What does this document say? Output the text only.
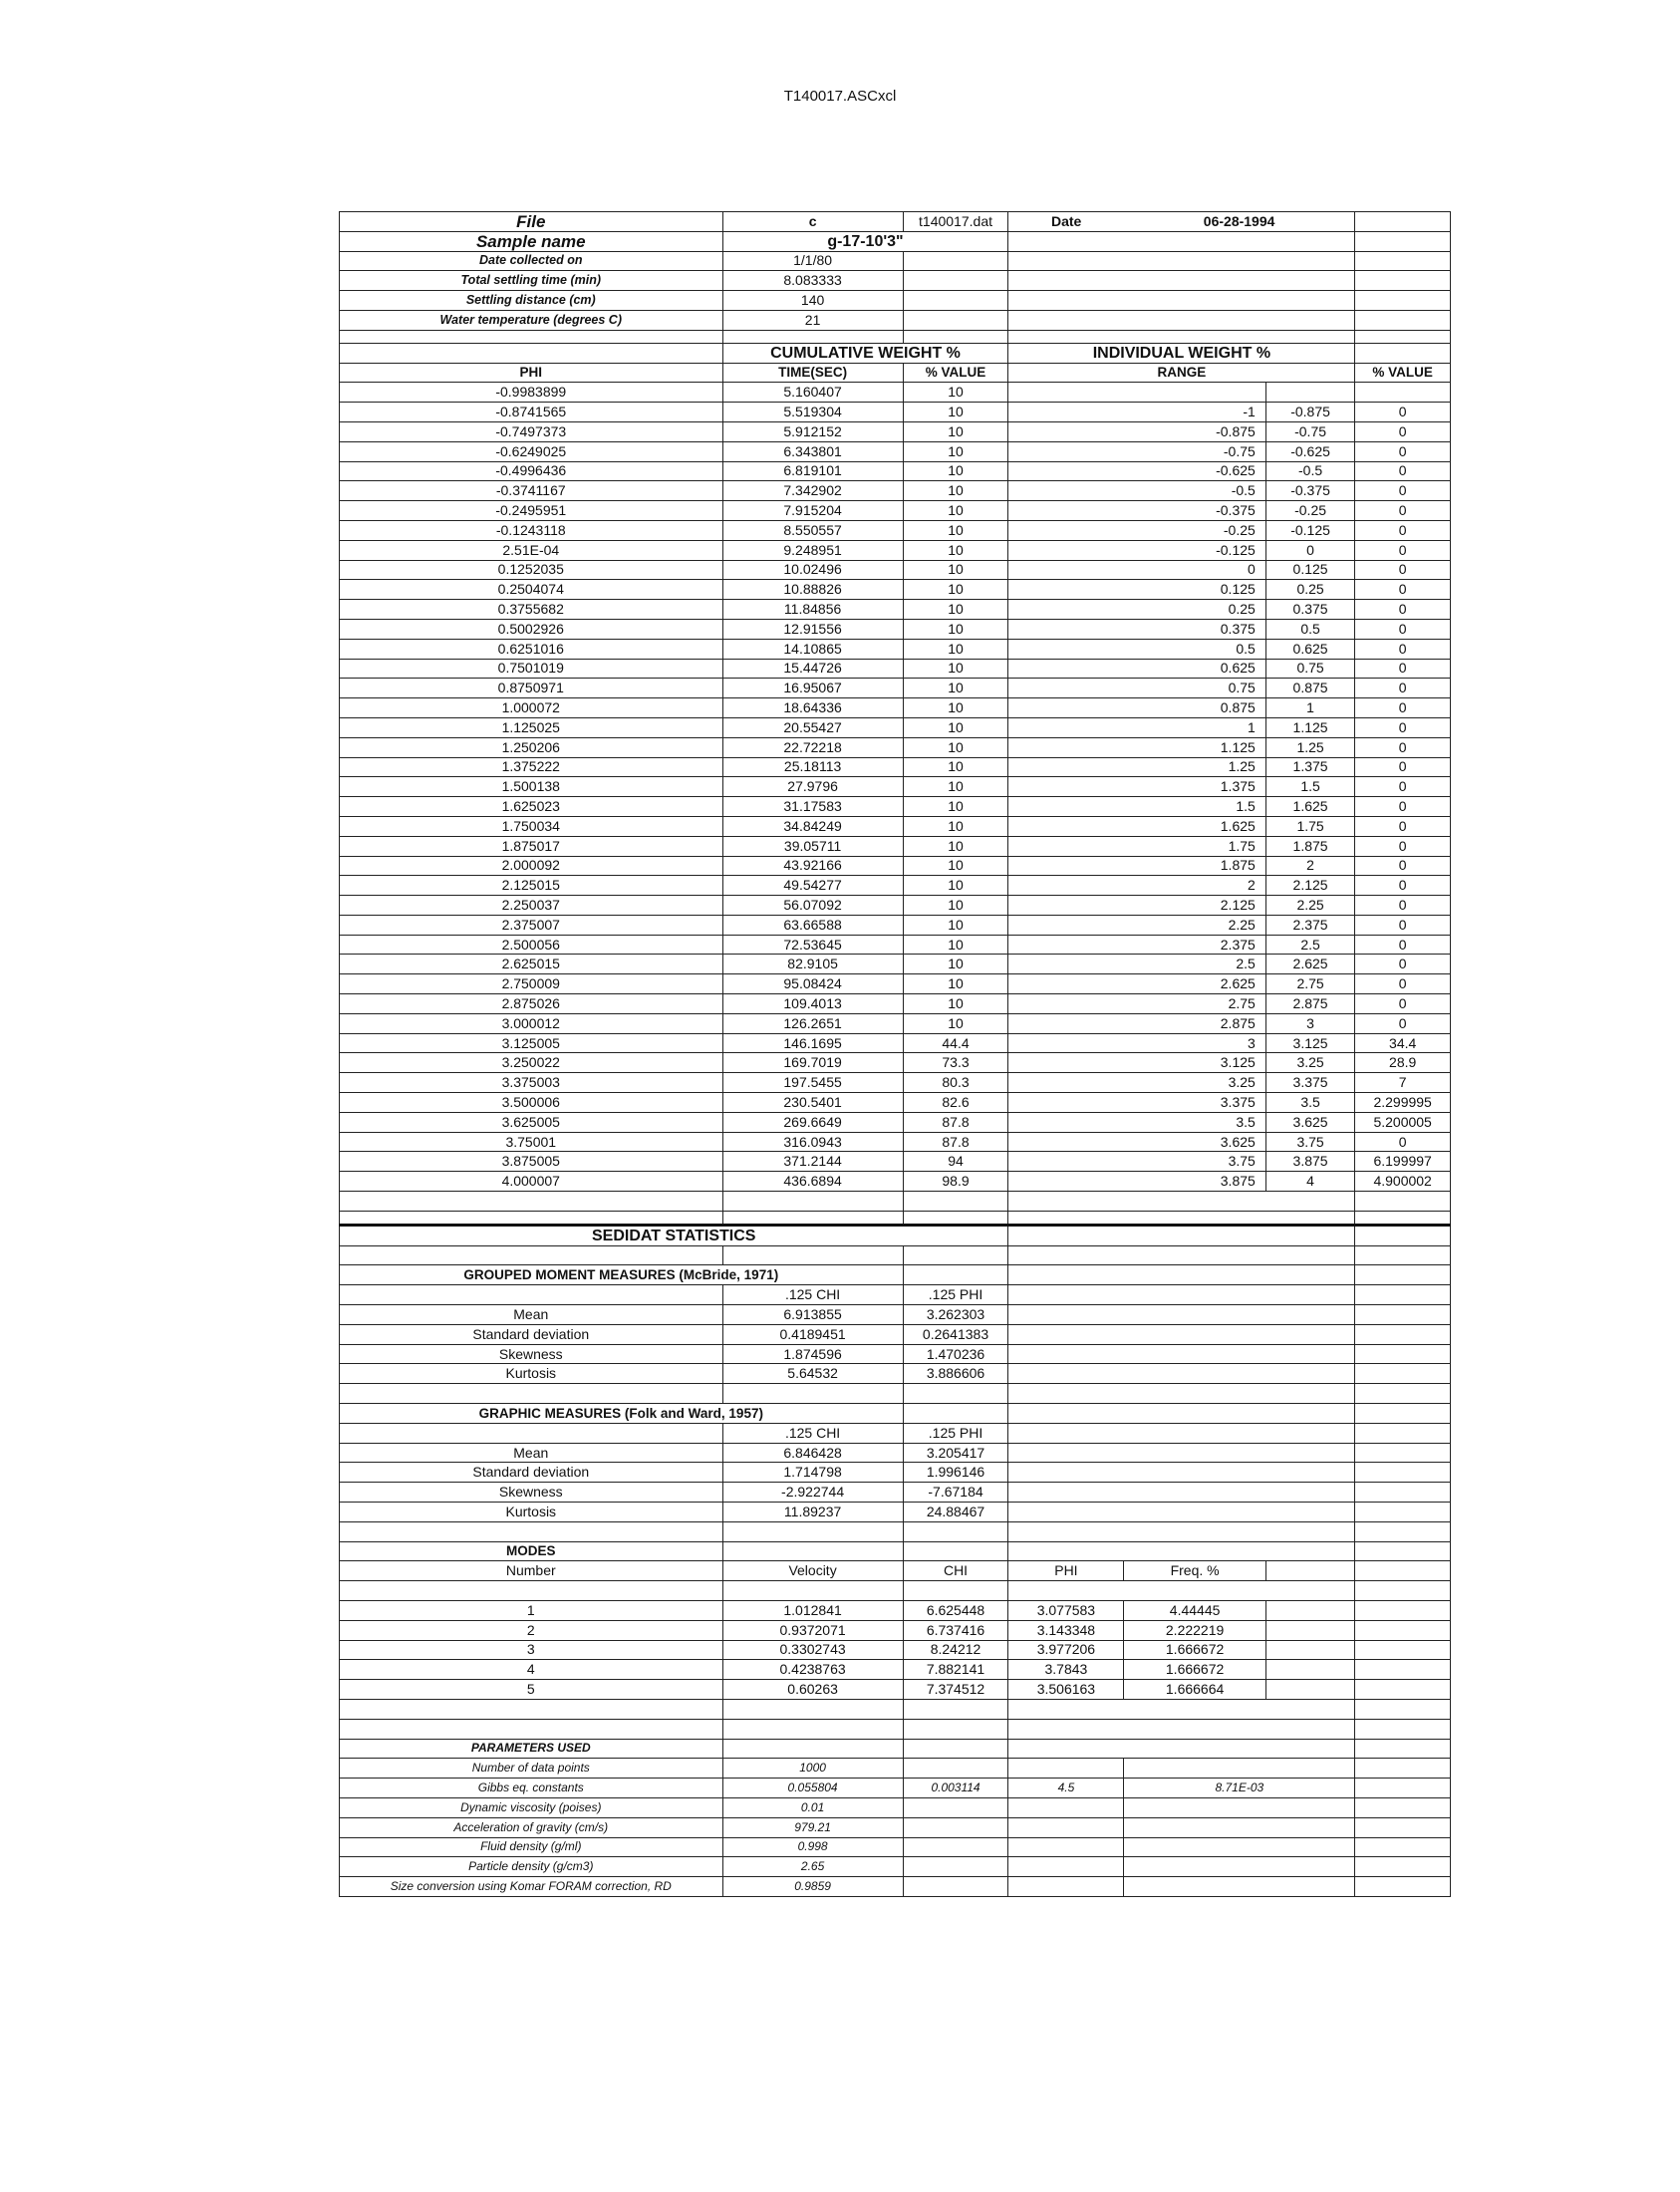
T140017.ASCxcl
File	c	t140017.dat	Date	06-28-1994		
Sample name	g-17-10'3"					
Date collected on	1/1/80					
Total settling time (min)	8.083333					
Settling distance (cm)	140					
Water temperature (degrees C)	21					

	CUMULATIVE WEIGHT %		INDIVIDUAL WEIGHT %			
PHI	TIME(SEC)	% VALUE	RANGE			% VALUE
-0.9983899	5.160407	10				
-0.8741565	5.519304	10	-1		-0.875	0
-0.7497373	5.912152	10	-0.875		-0.75	0
-0.6249025	6.343801	10	-0.75		-0.625	0
-0.4996436	6.819101	10	-0.625		-0.5	0
-0.3741167	7.342902	10	-0.5		-0.375	0
-0.2495951	7.915204	10	-0.375		-0.25	0
-0.1243118	8.550557	10	-0.25		-0.125	0
2.51E-04	9.248951	10	-0.125		0	0
0.1252035	10.02496	10	0		0.125	0
0.2504074	10.88826	10	0.125		0.25	0
0.3755682	11.84856	10	0.25		0.375	0
0.5002926	12.91556	10	0.375		0.5	0
0.6251016	14.10865	10	0.5		0.625	0
0.7501019	15.44726	10	0.625		0.75	0
0.8750971	16.95067	10	0.75		0.875	0
1.000072	18.64336	10	0.875		1	0
1.125025	20.55427	10	1		1.125	0
1.250206	22.72218	10	1.125		1.25	0
1.375222	25.18113	10	1.25		1.375	0
1.500138	27.9796	10	1.375		1.5	0
1.625023	31.17583	10	1.5		1.625	0
1.750034	34.84249	10	1.625		1.75	0
1.875017	39.05711	10	1.75		1.875	0
2.000092	43.92166	10	1.875		2	0
2.125015	49.54277	10	2		2.125	0
2.250037	56.07092	10	2.125		2.25	0
2.375007	63.66588	10	2.25		2.375	0
2.500056	72.53645	10	2.375		2.5	0
2.625015	82.9105	10	2.5		2.625	0
2.750009	95.08424	10	2.625		2.75	0
2.875026	109.4013	10	2.75		2.875	0
3.000012	126.2651	10	2.875		3	0
3.125005	146.1695	44.4	3		3.125	34.4
3.250022	169.7019	73.3	3.125		3.25	28.9
3.375003	197.5455	80.3	3.25		3.375	7
3.500006	230.5401	82.6	3.375		3.5	2.299995
3.625005	269.6649	87.8	3.5		3.625	5.200005
3.75001	316.0943	87.8	3.625		3.75	0
3.875005	371.2144	94	3.75		3.875	6.199997
4.000007	436.6894	98.9	3.875		4	4.900002

SEDIDAT STATISTICS						

GROUPED MOMENT MEASURES (McBride, 1971)						
	.125 CHI	.125 PHI				
Mean	6.913855	3.262303				
Standard deviation	0.4189451	0.2641383				
Skewness	1.874596	1.470236				
Kurtosis	5.64532	3.886606				

GRAPHIC MEASURES (Folk and Ward, 1957)						
	.125 CHI	.125 PHI				
Mean	6.846428	3.205417				
Standard deviation	1.714798	1.996146				
Skewness	-2.922744	-7.67184				
Kurtosis	11.89237	24.88467				

MODES						
Number	Velocity	CHI	PHI	Freq. %		

1	1.012841	6.625448	3.077583	4.44445		
2	0.9372071	6.737416	3.143348	2.222219		
3	0.3302743	8.24212	3.977206	1.666672		
4	0.4238763	7.882141	3.7843	1.666672		
5	0.60263	7.374512	3.506163	1.666664		

PARAMETERS USED						
Number of data points	1000					
Gibbs eq. constants	0.055804	0.003114	4.5	8.71E-03		
Dynamic viscosity (poises)	0.01					
Acceleration of gravity (cm/s)	979.21					
Fluid density (g/ml)	0.998					
Particle density (g/cm3)	2.65					
Size conversion using Komar FORAM correction, RD	0.9859					
